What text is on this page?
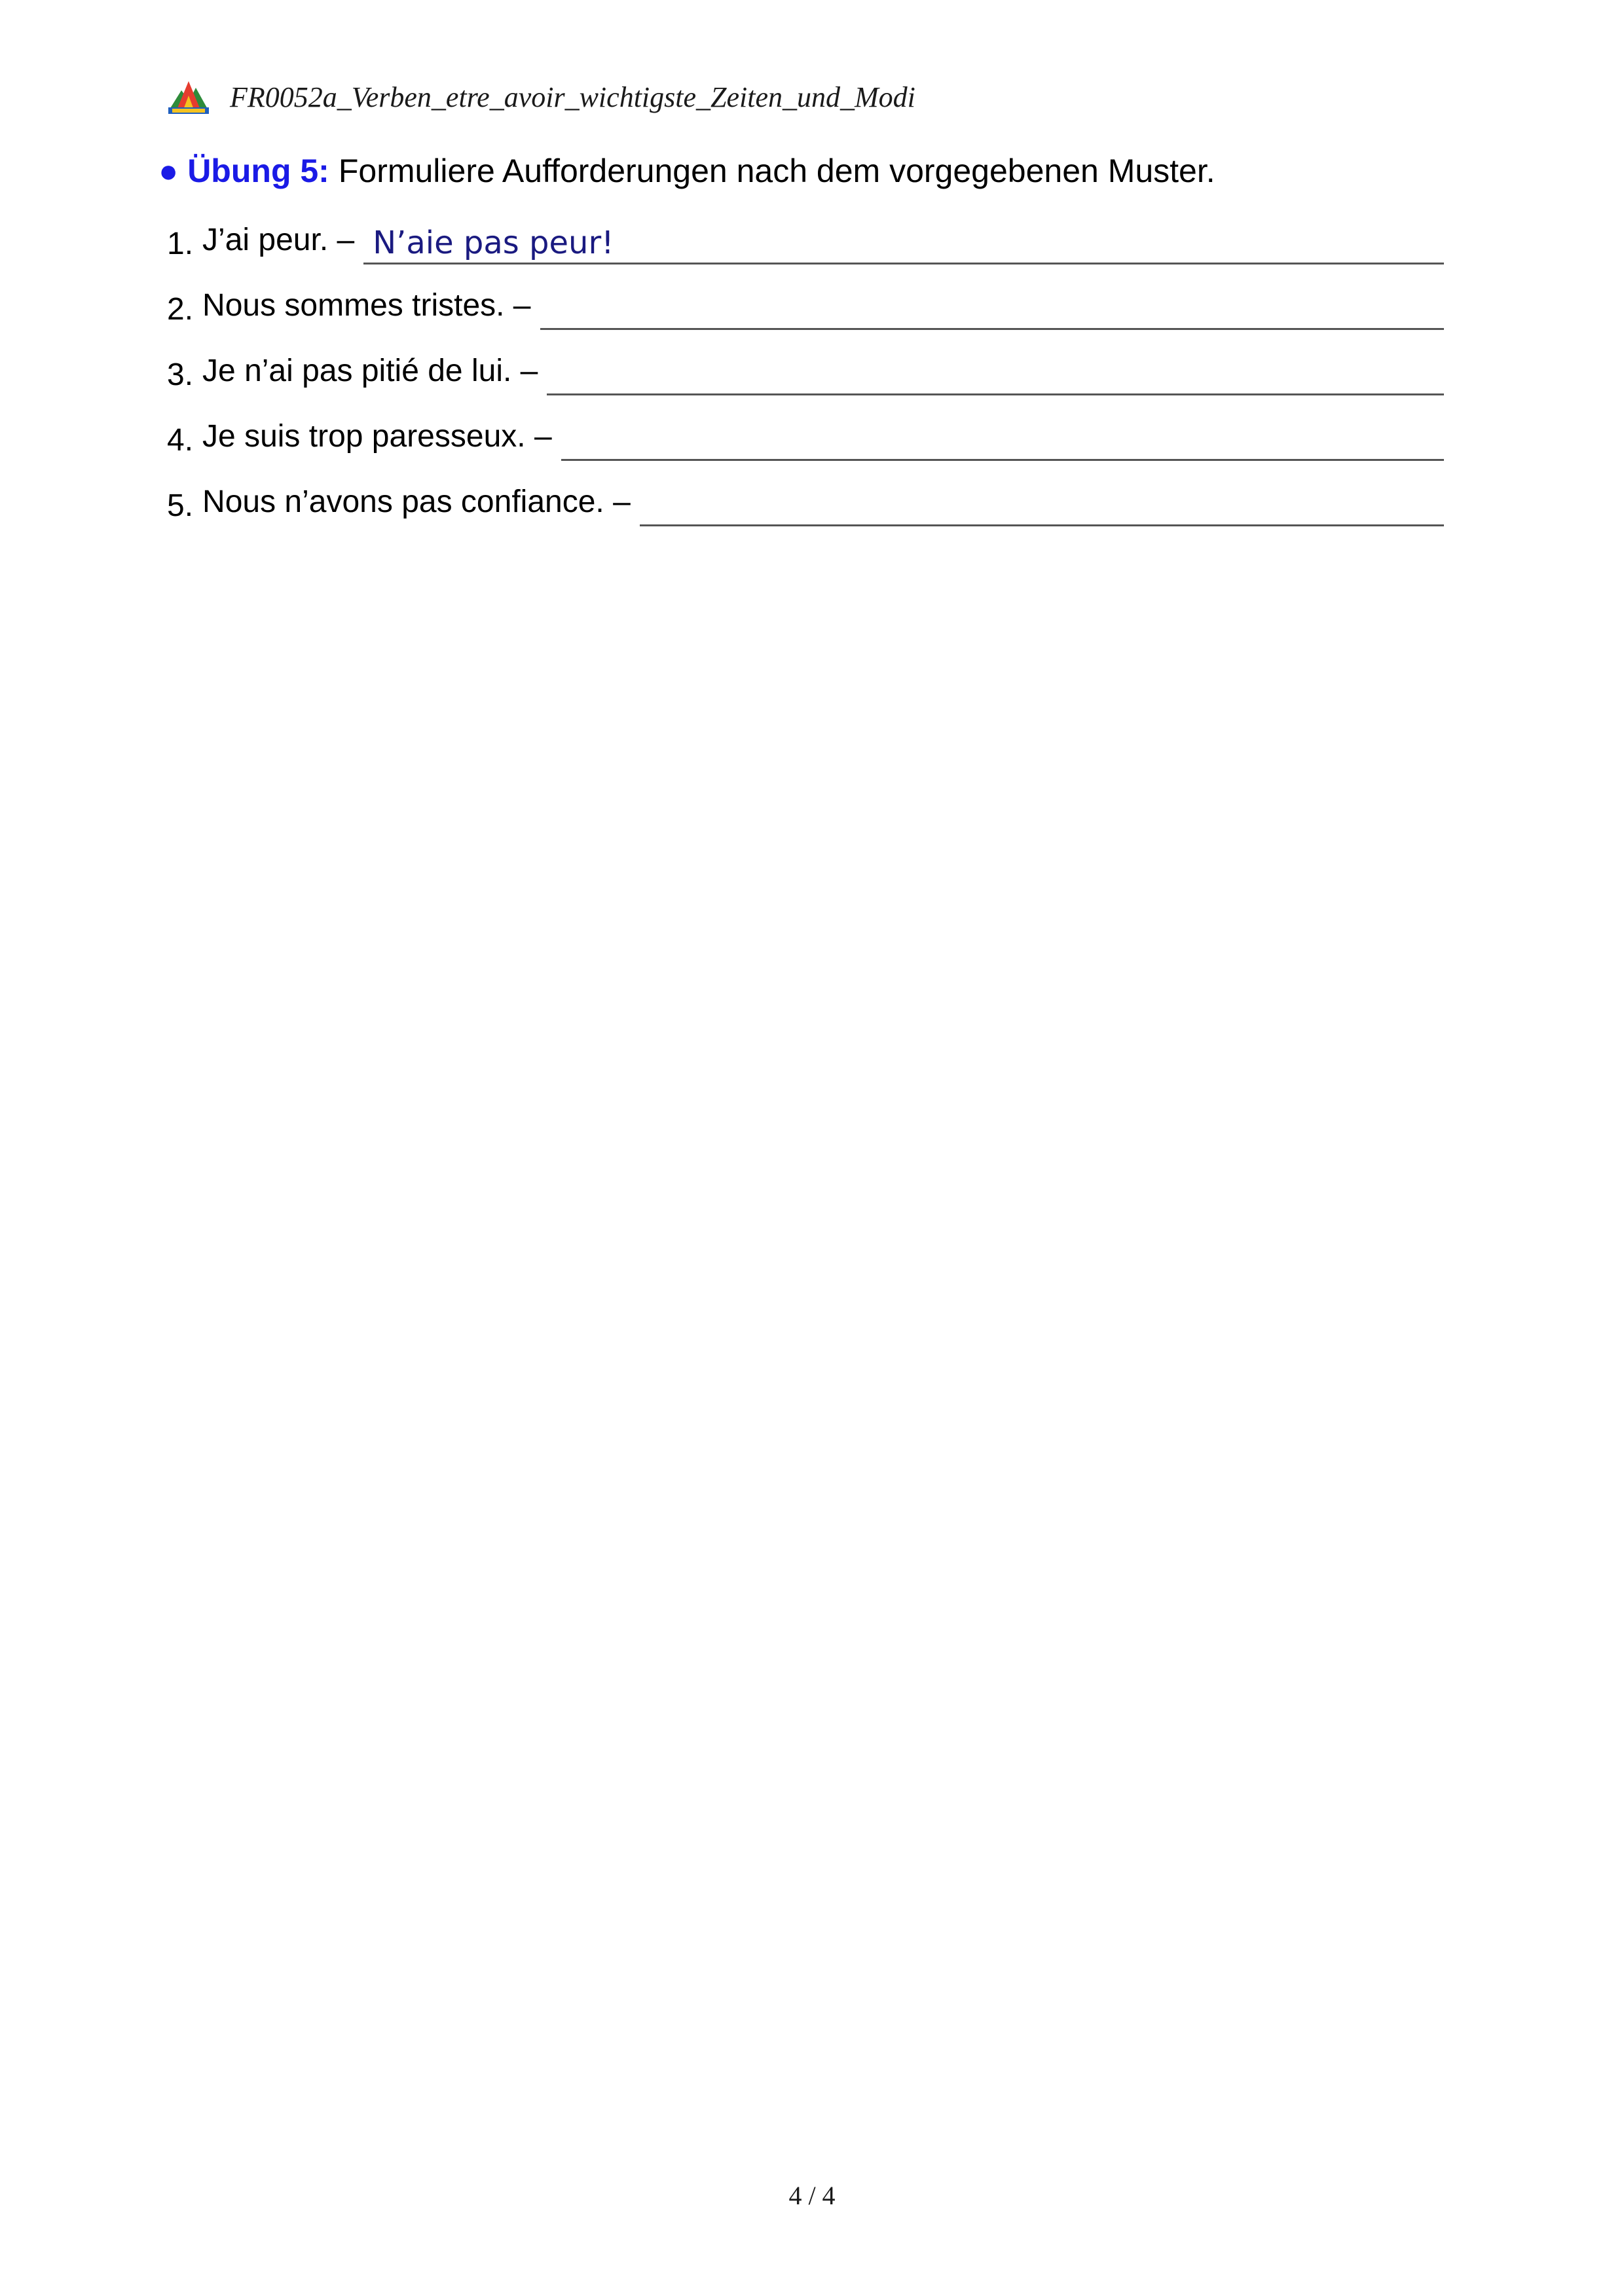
FR0052a_Verben_etre_avoir_wichtigste_Zeiten_und_Modi
● Übung 5: Formuliere Aufforderungen nach dem vorgegebenen Muster.
1. J’ai peur. – N’aie pas peur!
2. Nous sommes tristes. –
3. Je n’ai pas pitié de lui. –
4. Je suis trop paresseux. –
5. Nous n’avons pas confiance. –
4 / 4
